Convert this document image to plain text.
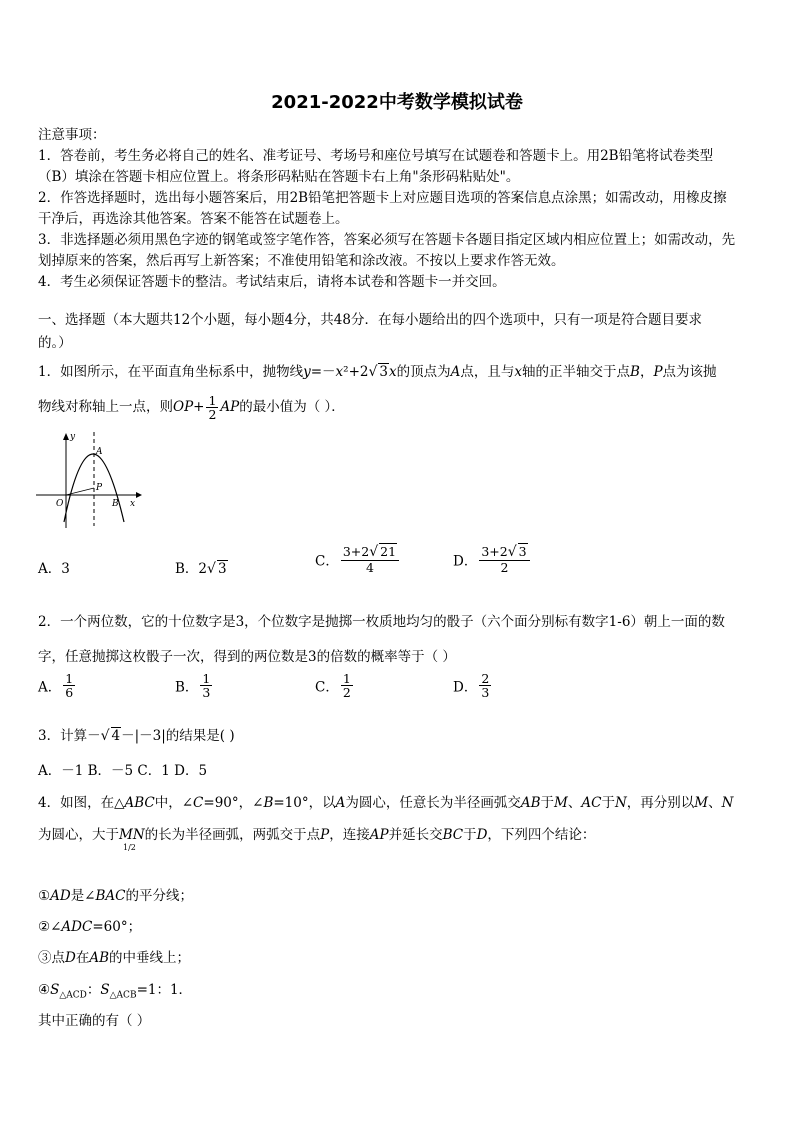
2021-2022中考数学模拟试卷
注意事项：
1．答卷前，考生务必将自己的姓名、准考证号、考场号和座位号填写在试题卷和答题卡上。用2B铅笔将试卷类型
（B）填涂在答题卡相应位置上。将条形码粘贴在答题卡右上角"条形码粘贴处"。
2．作答选择题时，选出每小题答案后，用2B铅笔把答题卡上对应题目选项的答案信息点涂黑；如需改动，用橡皮擦
干净后，再选涂其他答案。答案不能答在试题卷上。
3．非选择题必须用黑色字迹的钢笔或签字笔作答，答案必须写在答题卡各题目指定区域内相应位置上；如需改动，先
划掉原来的答案，然后再写上新答案；不准使用铅笔和涂改液。不按以上要求作答无效。
4．考生必须保证答题卡的整洁。考试结束后，请将本试卷和答题卡一并交回。
一、选择题（本大题共12个小题，每小题4分，共48分．在每小题给出的四个选项中，只有一项是符合题目要求
的。）
1．如图所示，在平面直角坐标系中，抛物线y=－x²+2√ 3x的顶点为A点，且与x轴的正半轴交于点B，P点为该抛
物线对称轴上一点，则$OP+ \frac{1}{2}$ AP的最小值为（ ）．
y
A
P
O	B x
A．3	B．2√ 3	C． $\frac{3+2√ 21}{4}$	D． $\frac{3+2√ 3}{2}$
2．一个两位数，它的十位数字是3，个位数字是抛掷一枚质地均匀的骰子（六个面分别标有数字1-6）朝上一面的数
字，任意抛掷这枚骰子一次，得到的两位数是3的倍数的概率等于（ ）
A． $\frac{1}{6}$	B． $\frac{1}{3}$	C． $\frac{1}{2}$	D． $\frac{2}{3}$
3．计算－√ 4－|－3|的结果是( )
A．－1 B．－5 C．1 D．5
4．如图，在△ABC中，∠C=90°，∠B=10°，以A为圆心，任意长为半径画弧交AB于M、AC于N，再分别以M、N
为圆心，大于MN
1/2
的长为半径画弧，两弧交于点P，连接AP并延长交BC于D，下列四个结论：
①AD是∠BAC的平分线；
②∠ADC=60°；
③点D在AB的中垂线上；
$④S_{\triangle ACD}$：$S_{\triangle ACB}=1$：1．
其中正确的有（ ）
